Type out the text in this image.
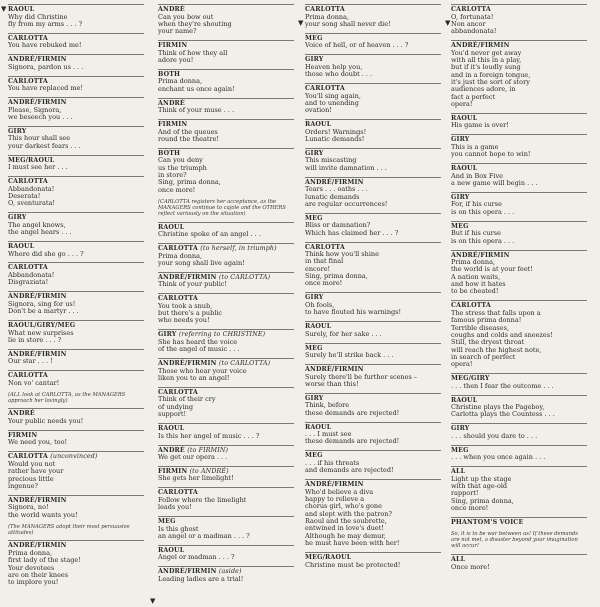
RAOUL

Why did Christine

fly from my arms . . . ?

CARLOTTA

You have rebuked me!

ANDRÉ/FIRMIN

Signora, pardon us . . .

CARLOTTA

You have replaced me!

ANDRÉ/FIRMIN

Please, Signora,

we beseech you . . .

GIRY

This hour shall see

your darkest fears . . .

MEG/RAOUL

I must see her . . .

CARLOTTA

Abbandonata!

Deserata!

O, sventurata!

GIRY

The angel knows,

the angel hears . . .

RAOUL

Where did she go . . . ?

CARLOTTA

Abbandonata!

Disgraziata!

ANDRÉ/FIRMIN

Signora, sing for us!

Don't be a martyr . . .

RAOUL/GIRY/MEG

What new surprises

lie in store . . . ?

ANDRÉ/FIRMIN

Our star . . . !

CARLOTTA

Non vo' cantar!

(ALL look at CARLOTTA, as the MANAGERS approach her lovingly)

ANDRÉ

Your public needs you!

FIRMIN

We need you, too!

CARLOTTA (unconvinced)

Would you not

rather have your

precious little

ingenue?

ANDRÉ/FIRMIN

Signora, no!

the world wants you!

(The MANAGERS adopt their most persuasive attitudes)

ANDRÉ/FIRMIN

Prima donna,

first lady of the stage!

Your devotees

are on their knees

to implore you!

ANDRÉ

Can you bow out

when they're shouting

your name?

FIRMIN

Think of how they all

adore you!

BOTH

Prima donna,

enchant us once again!

ANDRÉ

Think of your muse . . .

FIRMIN

And of the queues

round the theatre!

BOTH

Can you deny

us the triumph

in store?

Sing, prima donna,

once more!

(CARLOTTA registers her acceptance, as the MANAGERS continue to cajole and the OTHERS reflect variously on the situation)

RAOUL

Christine spoke of an angel . . .

CARLOTTA (to herself, in triumph)

Prima donna,

your song shall live again!

ANDRÉ/FIRMIN (to CARLOTTA)

Think of your public!

CARLOTTA

You took a snub,

but there's a public

who needs you!

GIRY (referring to CHRISTINE)

She has heard the voice

of the angel of music . . .

ANDRÉ/FIRMIN (to CARLOTTA)

Those who hear your voice

liken you to an angel!

CARLOTTA

Think of their cry

of undying

support!

RAOUL

Is this her angel of music . . . ?

ANDRÉ (to FIRMIN)

We get our opera . . .

FIRMIN (to ANDRÉ)

She gets her limelight!

CARLOTTA

Follow where the limelight

leads you!

MEG

Is this ghost

an angel or a madman . . . ?

RAOUL

Angel or madman . . . ?

ANDRÉ/FIRMIN (aside)

Leading ladies are a trial!

CARLOTTA

Prima donna,

your song shall never die!

MEG

Voice of hell, or of heaven . . . ?

GIRY

Heaven help you,

those who doubt . . .

CARLOTTA

You'll sing again,

and to unending

ovation!

RAOUL

Orders! Warnings!

Lunatic demands!

GIRY

This miscasting

will invite damnation . . .

ANDRÉ/FIRMIN

Tears . . . oaths . . .

lunatic demands

are regular occurrences!

MEG

Bliss or damnation?

Which has claimed her . . . ?

CARLOTTA

Think how you'll shine

in that final

encore!

Sing, prima donna,

once more!

GIRY

Oh fools,

to have flouted his warnings!

RAOUL

Surely, for her sake . . .

MEG

Surely he'll strike back . . .

ANDRÉ/FIRMIN

Surely there'll be further scenes –

worse than this!

GIRY

Think, before

these demands are rejected!

RAOUL

. . . I must see

these demands are rejected!

MEG

. . . if his threats

and demands are rejected!

ANDRÉ/FIRMIN

Who'd believe a diva

happy to relieve a

chorus girl, who's gone

and slept with the patron?

Raoul and the soubrette,

entwined in love's duet!

Although he may demur,

he must have been with her!

MEG/RAOUL

Christine must be protected!

CARLOTTA

O, fortunata!

Non ancor

abbandonata!

ANDRÉ/FIRMIN

You'd never get away

with all this in a play,

but if it's loudly sung

and in a foreign tongue,

it's just the sort of story

audiences adore, in

fact a perfect

opera!

RAOUL

His game is over!

GIRY

This is a game

you cannot hope to win!

RAOUL

And in Box Five

a new game will begin . . .

GIRY

For, if his curse

is on this opera . . .

MEG

But if his curse

is on this opera . . .

ANDRÉ/FIRMIN

Prima donna,

the world is at your feet!

A nation waits,

and how it hates

to be cheated!

CARLOTTA

The stress that falls upon a

famous prima donna!

Terrible diseases,

coughs and colds and sneezes!

Still, the dryest throat

will reach the highest note,

in search of perfect

opera!

MEG/GIRY

. . . then I fear the outcome . . .

RAOUL

Christine plays the Pageboy,

Carlotta plays the Countess . . .

GIRY

. . . should you dare to . . .

MEG

. . . when you once again . . .

ALL

Light up the stage

with that age-old

rapport!

Sing, prima donna,

once more!

PHANTOM'S VOICE

So, it is to be war between us! If these demands are not met, a disaster beyond your imagination will occur!

ALL

Once more!

▼
▼
▼	▼
